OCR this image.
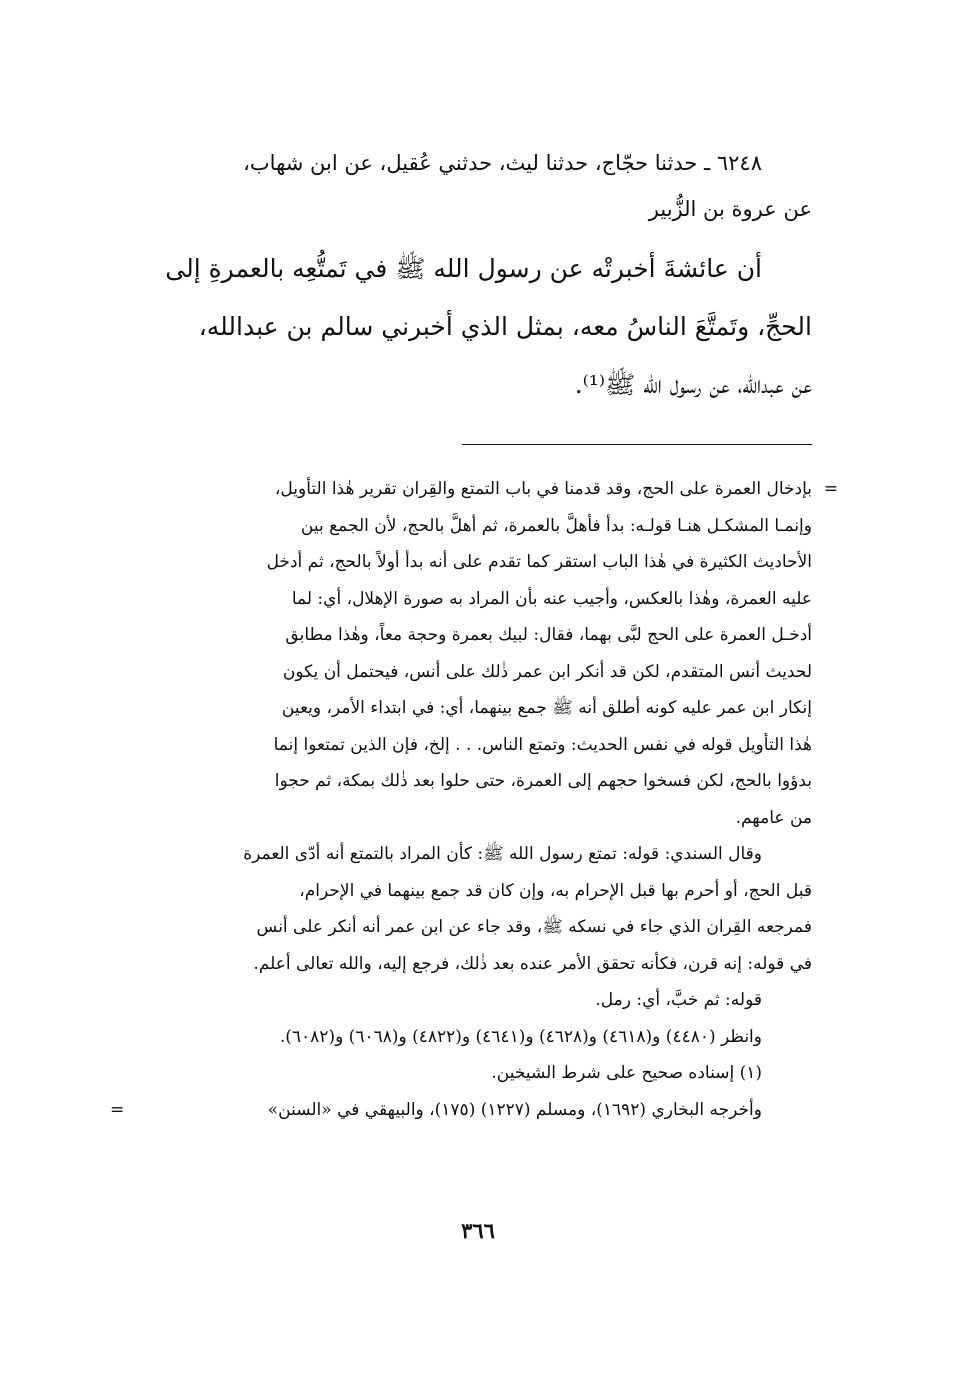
٦٢٤٨ ـ حدثنا حجّاج، حدثنا ليث، حدثني عُقيل، عن ابن شهاب،
عن عروة بن الزُّبير
أن عائشةَ أخبرتْه عن رسول الله ﷺ في تَمتُّعِه بالعمرةِ إلى
الحجِّ، وتَمتَّعَ الناسُ معه، بمثل الذي أخبرني سالم بن عبدالله،
عن عبدالله، عن رسول الله ﷺ⁽¹⁾.
=
بإدخال العمرة على الحج، وقد قدمنا في باب التمتع والقِران تقرير هٰذا التأويل،
وإنمـا المشكـل هنـا قولـه: بدأ فأهلَّ بالعمرة، ثم أهلَّ بالحج، لأن الجمع بين
الأحاديث الكثيرة في هٰذا الباب استقر كما تقدم على أنه بدأ أولاً بالحج، ثم أدخل
عليه العمرة، وهٰذا بالعكس، وأجيب عنه بأن المراد به صورة الإهلال، أي: لما
أدخـل العمرة على الحج لبَّى بهما، فقال: لبيك بعمرة وحجة معاً، وهٰذا مطابق
لحديث أنس المتقدم، لكن قد أنكر ابن عمر ذٰلك على أنس، فيحتمل أن يكون
إنكار ابن عمر عليه كونه أطلق أنه ﷺ جمع بينهما، أي: في ابتداء الأمر، ويعين
هٰذا التأويل قوله في نفس الحديث: وتمتع الناس. . . إلخ، فإن الذين تمتعوا إنما
بدؤوا بالحج، لكن فسخوا حجهم إلى العمرة، حتى حلوا بعد ذٰلك بمكة، ثم حجوا
من عامهم.
وقال السندي: قوله: تمتع رسول الله ﷺ: كأن المراد بالتمتع أنه أدّى العمرة
قبل الحج، أو أحرم بها قبل الإحرام به، وإن كان قد جمع بينهما في الإحرام،
فمرجعه القِران الذي جاء في نسكه ﷺ، وقد جاء عن ابن عمر أنه أنكر على أنس
في قوله: إنه قرن، فكأنه تحقق الأمر عنده بعد ذٰلك، فرجع إليه، والله تعالى أعلم.
قوله: ثم خبَّ، أي: رمل.
وانظر (٤٤٨٠) و(٤٦١٨) و(٤٦٢٨) و(٤٦٤١) و(٤٨٢٢) و(٦٠٦٨) و(٦٠٨٢).
(١) إسناده صحيح على شرط الشيخين.
وأخرجه البخاري (١٦٩٢)، ومسلم (١٢٢٧) (١٧٥)، والبيهقي في «السنن»
=
٣٦٦
